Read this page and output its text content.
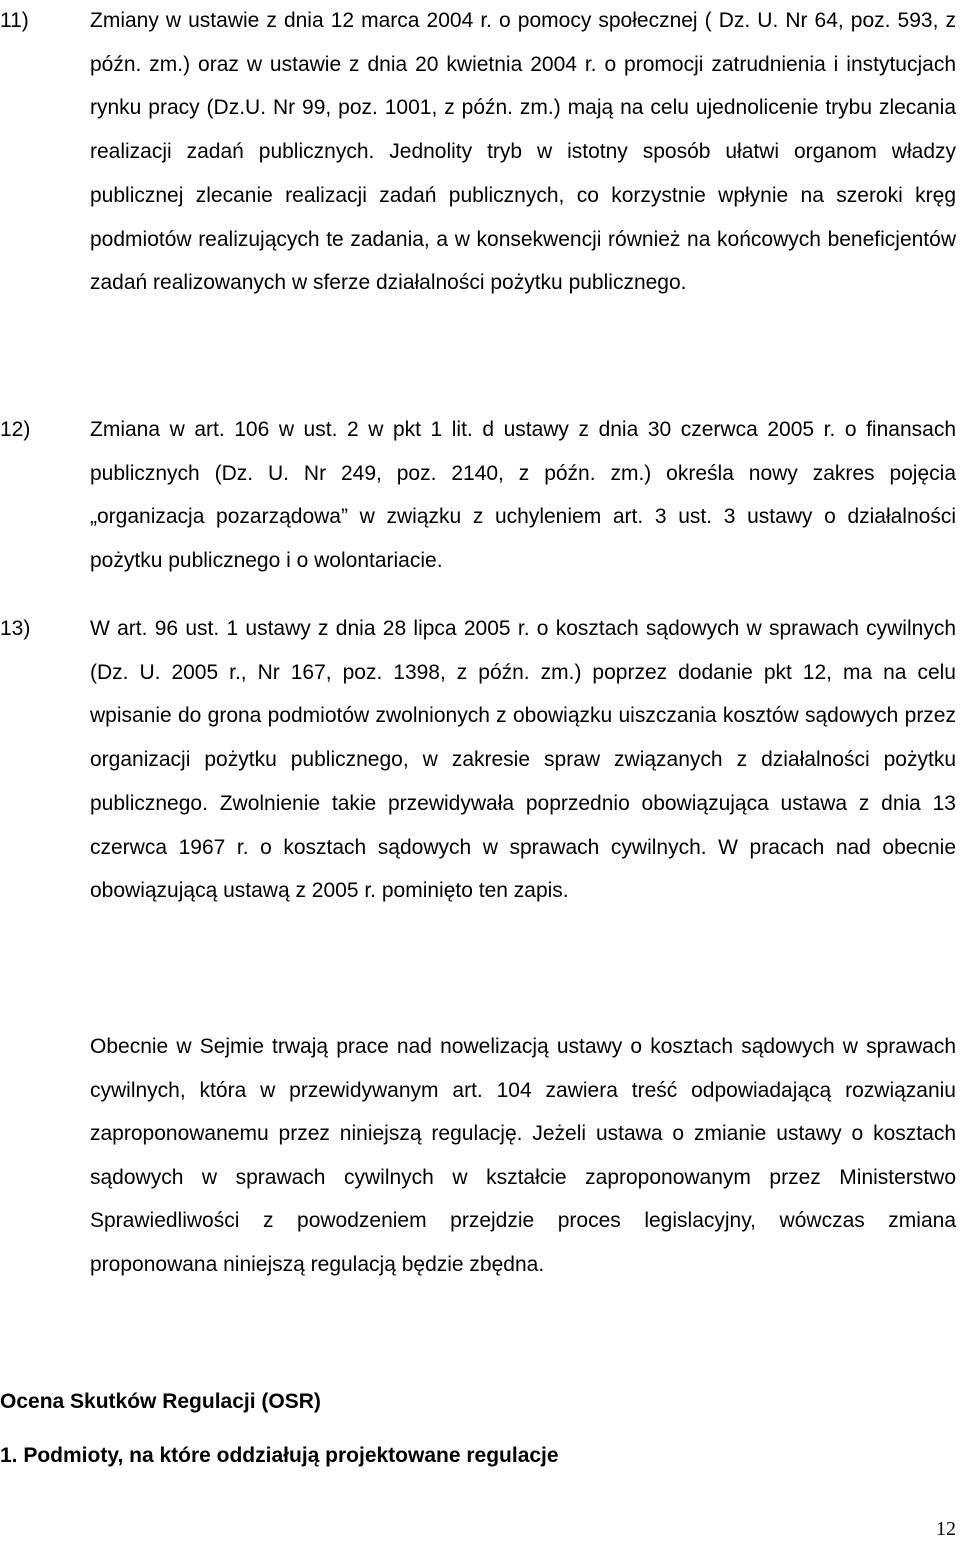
11)	Zmiany w ustawie z dnia 12 marca 2004 r. o pomocy społecznej ( Dz. U. Nr 64, poz. 593, z późn. zm.) oraz w ustawie z dnia 20 kwietnia 2004 r. o promocji zatrudnienia i instytucjach rynku pracy (Dz.U. Nr 99, poz. 1001, z późn. zm.) mają na celu ujednolicenie trybu zlecania realizacji zadań publicznych. Jednolity tryb w istotny sposób ułatwi organom władzy publicznej zlecanie realizacji zadań publicznych, co korzystnie wpłynie na szeroki kręg podmiotów realizujących te zadania, a w konsekwencji również na końcowych beneficjentów zadań realizowanych w sferze działalności pożytku publicznego.
12)	Zmiana w art. 106 w ust. 2 w pkt 1 lit. d ustawy z dnia 30 czerwca 2005 r. o finansach publicznych (Dz. U. Nr 249, poz. 2140, z późn. zm.) określa nowy zakres pojęcia „organizacja pozarządowa” w związku z uchyleniem art. 3 ust. 3 ustawy o działalności pożytku publicznego i o wolontariacie.
13)	W art. 96 ust. 1 ustawy z dnia 28 lipca 2005 r. o kosztach sądowych w sprawach cywilnych (Dz. U. 2005 r., Nr 167, poz. 1398, z późn. zm.) poprzez dodanie pkt 12, ma na celu wpisanie do grona podmiotów zwolnionych z obowiązku uiszczania kosztów sądowych przez organizacji pożytku publicznego, w zakresie spraw związanych z działalności pożytku publicznego. Zwolnienie takie przewidywała poprzednio obowiązująca ustawa z dnia 13 czerwca 1967 r. o kosztach sądowych w sprawach cywilnych. W pracach nad obecnie obowiązującą ustawą z 2005 r. pominięto ten zapis.
Obecnie w Sejmie trwają prace nad nowelizacją ustawy o kosztach sądowych w sprawach cywilnych, która w przewidywanym art. 104 zawiera treść odpowiadającą rozwiązaniu zaproponowanemu przez niniejszą regulację. Jeżeli ustawa o zmianie ustawy o kosztach sądowych w sprawach cywilnych w kształcie zaproponowanym przez Ministerstwo Sprawiedliwości z powodzeniem przejdzie proces legislacyjny, wówczas zmiana proponowana niniejszą regulacją będzie zbędna.
Ocena Skutków Regulacji (OSR)
1. Podmioty, na które oddziałują projektowane regulacje
12
